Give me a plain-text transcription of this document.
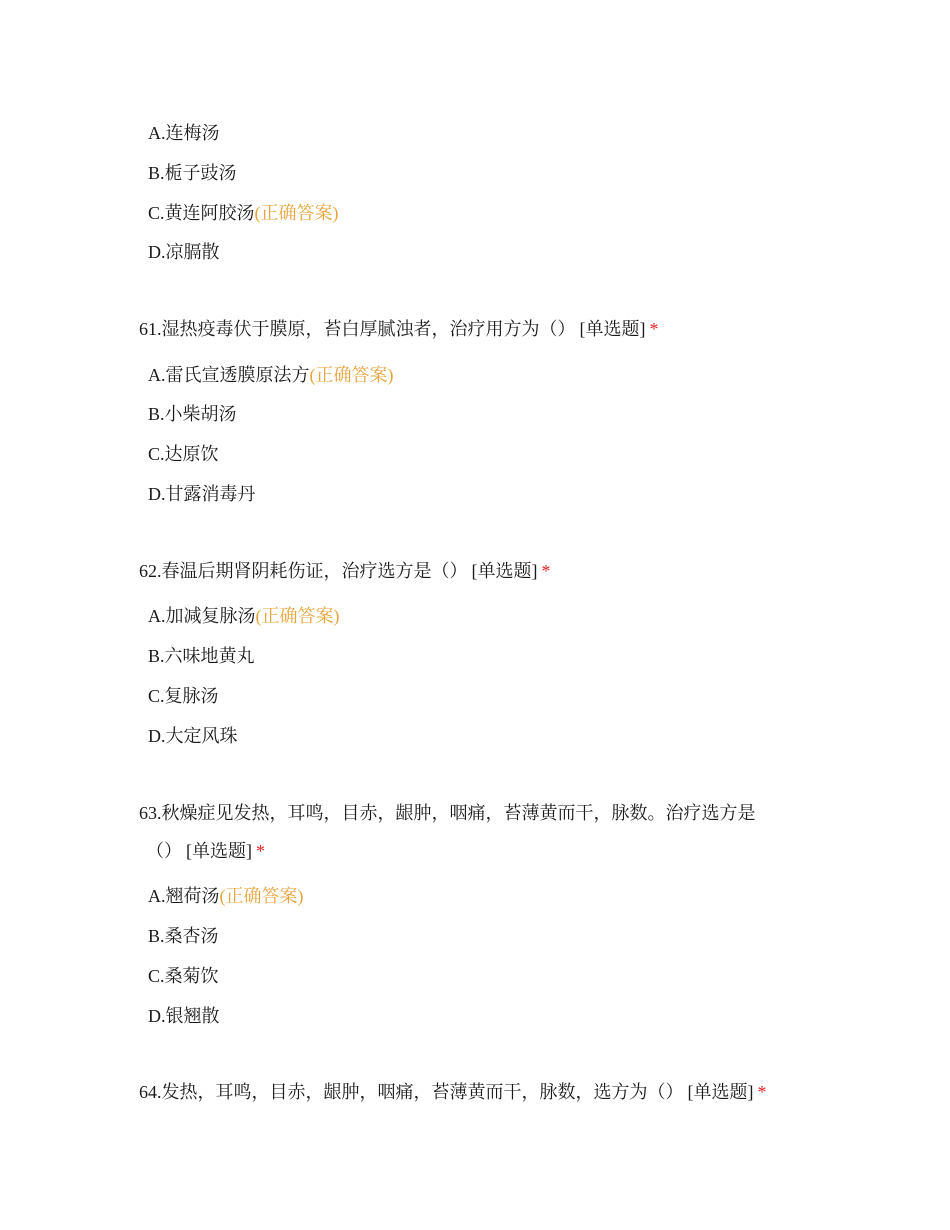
A.连梅汤
B.栀子豉汤
C.黄连阿胶汤(正确答案)
D.凉膈散
61.湿热疫毒伏于膜原，苔白厚腻浊者，治疗用方为（） [单选题] *
A.雷氏宣透膜原法方(正确答案)
B.小柴胡汤
C.达原饮
D.甘露消毒丹
62.春温后期肾阴耗伤证，治疗选方是（） [单选题] *
A.加减复脉汤(正确答案)
B.六味地黄丸
C.复脉汤
D.大定风珠
63.秋燥症见发热，耳鸣，目赤，龈肿，咽痛，苔薄黄而干，脉数。治疗选方是
（） [单选题] *
A.翘荷汤(正确答案)
B.桑杏汤
C.桑菊饮
D.银翘散
64.发热，耳鸣，目赤，龈肿，咽痛，苔薄黄而干，脉数，选方为（） [单选题] *
